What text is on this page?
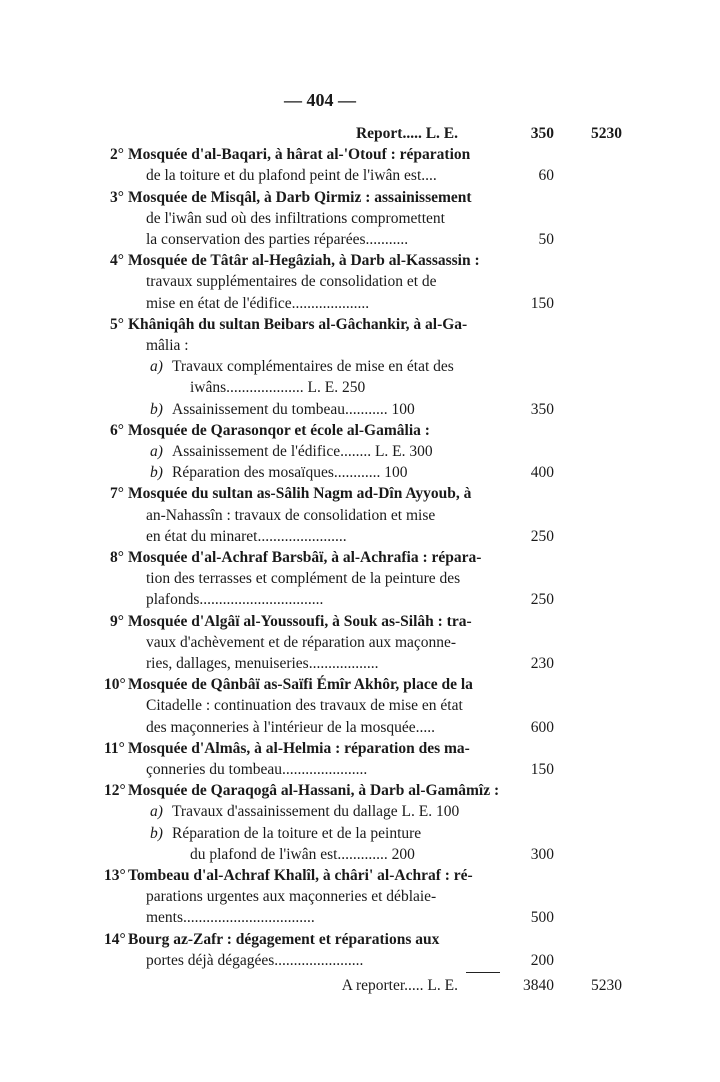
— 404 —
Report..... L. E.	350 5230
2° Mosquée d'al-Baqari, à hârat al-'Otouf : réparation
de la toiture et du plafond peint de l'iwân est....	60
3° Mosquée de Misqâl, à Darb Qirmiz : assainissement
de l'iwân sud où des infiltrations compromettent
la conservation des parties réparées...........	50
4° Mosquée de Tâtâr al-Hegâziah, à Darb al-Kassassin :
travaux supplémentaires de consolidation et de
mise en état de l'édifice....................	150
5° Khâniqâh du sultan Beibars al-Gâchankir, à al-Ga-
mâlia :
a) Travaux complémentaires de mise en état des
iwâns.................... L. E. 250
b) Assainissement du tombeau........... 100	350
6° Mosquée de Qarasonqor et école al-Gamâlia :
a) Assainissement de l'édifice........ L. E. 300
b) Réparation des mosaïques............ 100	400
7° Mosquée du sultan as-Sâlih Nagm ad-Dîn Ayyoub, à
an-Nahassîn : travaux de consolidation et mise
en état du minaret.......................	250
8° Mosquée d'al-Achraf Barsbâï, à al-Achrafia : répara-
tion des terrasses et complément de la peinture des
plafonds................................	250
9° Mosquée d'Algâï al-Youssoufi, à Souk as-Silâh : tra-
vaux d'achèvement et de réparation aux maçonne-
ries, dallages, menuiseries..................	230
10° Mosquée de Qânbâï as-Saïfi Émîr Akhôr, place de la
Citadelle : continuation des travaux de mise en état
des maçonneries à l'intérieur de la mosquée.....	600
11° Mosquée d'Almâs, à al-Helmia : réparation des ma-
çonneries du tombeau......................	150
12° Mosquée de Qaraqogâ al-Hassani, à Darb al-Gamâmîz :
a) Travaux d'assainissement du dallage L. E. 100
b) Réparation de la toiture et de la peinture
du plafond de l'iwân est............. 200	300
13° Tombeau d'al-Achraf Khalîl, à châri' al-Achraf : ré-
parations urgentes aux maçonneries et déblaie-
ments..................................	500
14° Bourg az-Zafr : dégagement et réparations aux
portes déjà dégagées.......................	200
A reporter..... L. E.	3840 5230
